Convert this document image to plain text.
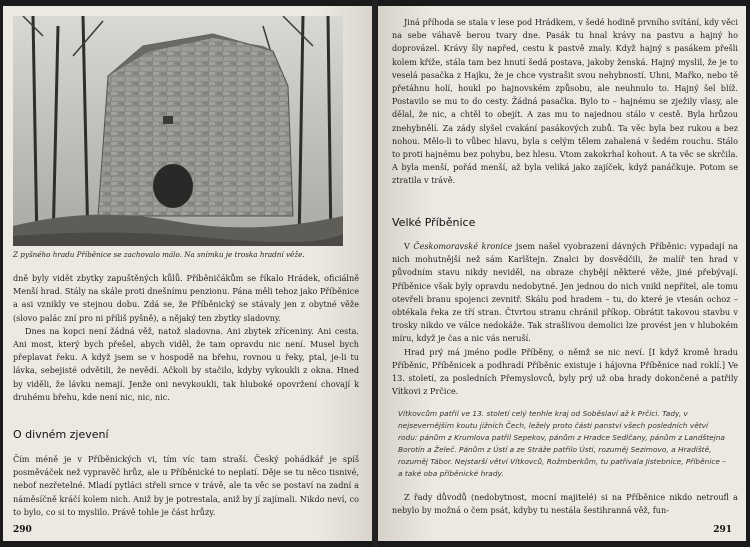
Z pyšného hradu Příběnice se zachovalo málo. Na snímku je troska hradní věže.

dně byly vidět zbytky zapuštěných kůlů. Příběničákům se říkalo Hrádek, oficiálně Menší hrad. Stály na skále proti dnešnímu penzionu. Pána měli tehoz jako Příběnice a asi vznikly ve stejnou dobu. Zdá se, že Příběnický se stávaly jen z obytné věže (slovo palác zní pro ni příliš pyšně), a nějaký ten zbytky sladovny.

Dnes na kopci není žádná věž, natož sladovna. Ani zbytek zříceniny. Ani cesta. Ani most, který bych přešel, abych viděl, že tam opravdu nic není. Musel bych přeplavat řeku. A když jsem se v hospodě na břehu, rovnou u řeky, ptal, je-li tu lávka, sebejisté odvětili, že nevědí. Ačkoli by stačilo, kdyby vykoukli z okna. Hned by viděli, že lávku nemají. Jenže oni nevykoukli, tak hluboké opovržení chovají k druhému břehu, kde není nic, nic, nic.

O divném zjevení

Čím méně je v Příběnických vi, tím víc tam straší. Český pohádkář je spíš posměváček než vypravěč hrůz, ale u Příběnické to neplatí. Děje se tu něco tisnivé, nebof nezřetelné. Mladí pytláci střeli srnce v trávě, ale ta věc se postaví na zadní a náměsíčně kráčí kolem nich. Aniž by je potrestala, aniž by jí zajímali. Nikdo neví, co to bylo, co si to myslilo. Právě tohle je část hrůzy.

290

Jiná příhoda se stala v lese pod Hrádkem, v šedé hodině prvního svítání, kdy věci na sebe váhavě berou tvary dne. Pasák tu hnal krávy na pastvu a hajný ho doprovázel. Krávy šly napřed, cestu k pastvě znaly. Když hajný s pasákem přešli kolem kříže, stála tam bez hnutí šedá postava, jakoby ženská. Hajný myslil, že je to veselá pasačka z Hajku, že je chce vystrašit svou nehybností. Uhni, Mařko, nebo tě přetáhnu holí, houkl po hajnovském způsobu, ale neuhnulo to. Hajný šel blíž. Postavilo se mu to do cesty. Žádná pasačka. Bylo to – hajnému se zježily vlasy, ale dělal, že nic, a chtěl to obejít. A zas mu to najednou stálo v cestě. Byla hrůzou znehybnělí. Za zády slyšel cvakání pasákových zubů. Ta věc byla bez rukou a bez nohou. Mělo-li to vůbec hlavu, byla s celým tělem zahalená v šedém rouchu. Stálo to proti hajnému bez pohybu, bez hlesu. Vtom zakokrhal kohout. A ta věc se skrčila. A byla menší, pořád menší, až byla veliká jako zajíček, když panáčkuje. Potom se ztratila v trávě.

Velké Příběnice

V Českomoravské kronice jsem našel vyobrazení dávných Příběnic: vypadají na nich mohutnější než sám Karlštejn. Znalci by dosvědčili, že malíř ten hrad v původním stavu nikdy neviděl, na obraze chybějí některé věže, jiné přebývají. Příběnice však byly opravdu nedobytné. Jen jednou do nich vnikl nepřítel, ale tomu otevřeli branu spojenci zevnitř. Skálu pod hradem – tu, do které je vtesán ochoz – obtékala řeka ze tří stran. Čtvrtou stranu chránil příkop. Obrátit takovou stavbu v trosky nikdo ve válce nedokáže. Tak strašlivou demolici lze provést jen v hlubokém míru, když je čas a nic vás neruší.

Hrad prý má jméno podle Příběny, o němž se nic neví. [I když kromě hradu Příběnic, Příběnicek a podhradí Příběnic existuje i hájovna Příběnice nad roklí.] Ve 13. století, za posledních Přemyslovců, byly prý už oba hrady dokončené a patřily Vítkovi z Prčice.

Vítkovcům patřil ve 13. století celý tenhle kraj od Soběslaví až k Prčici. Tady, v nejsevernějším koutu jižních Čech, ležely proto části panství všech posledních větví rodu: pánům z Krumlova patřil Sepekov, pánům z Hradce Sedlčany, pánům z Landštejna Borotín a Želeč. Pánům z Ústí a ze Stráže patřilo Ústí, rozuměj Sezimovo, a Hradiště, rozuměj Tábor. Nejstarší větví Vítkovců, Rožmberkům, tu patřivala Jistebnice, Příběnice – a také oba příběnické hrady.

Z řady důvodů (nedobytnost, mocní majitelé) si na Příběnice nikdo netroufl a nebylo by možná o čem psát, kdyby tu nestála šestihranná věž, fun-

291
